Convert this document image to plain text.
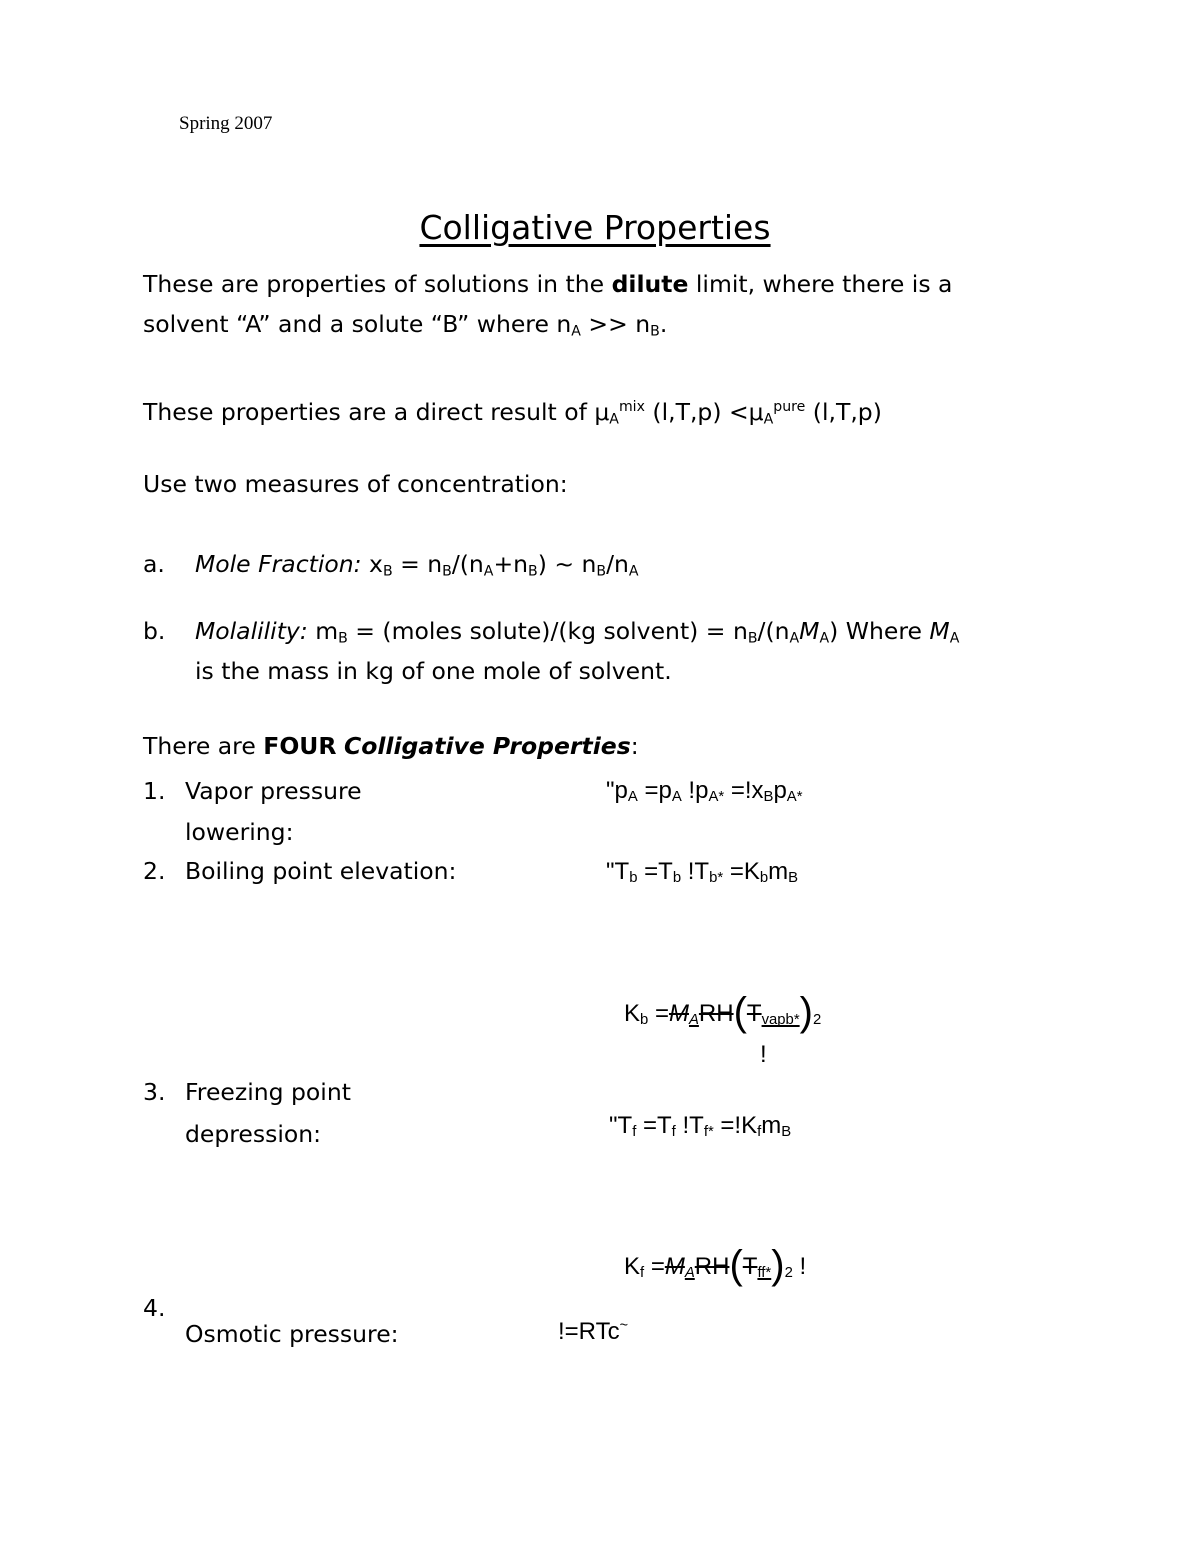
Spring 2007
Colligative Properties
These are properties of solutions in the dilute limit, where there is a
solvent “A” and a solute “B” where $n_A >> n_B$.
These properties are a direct result of $\mu_A^{mix}$ $(l,T,p) <\mu_A^{pure}$ (l,T,p)
Use two measures of concentration:
a. Mole Fraction: $x_B = n_B/(n_A+n_B)$ ~ $n_B/n_A$
b. Molalility: $m_B$ = (moles solute)/(kg solvent) = $n_B/(n_AM_A)$ Where $M_A$
is the mass in kg of one mole of solvent.
There are FOUR Colligative Properties:
1. Vapor pressure
lowering:
"pA =pA !pA* =!xBpA*
2. Boiling point elevation:	"Tb =Tb !Tb* =KbmB
Kb =MARH(Tvapb*)2
!
3. Freezing point
depression:	"Tf =Tf !Tf* =!KfmB
Kf =MARH(Tff*)2 !
4.
Osmotic pressure:	!=RTc~
